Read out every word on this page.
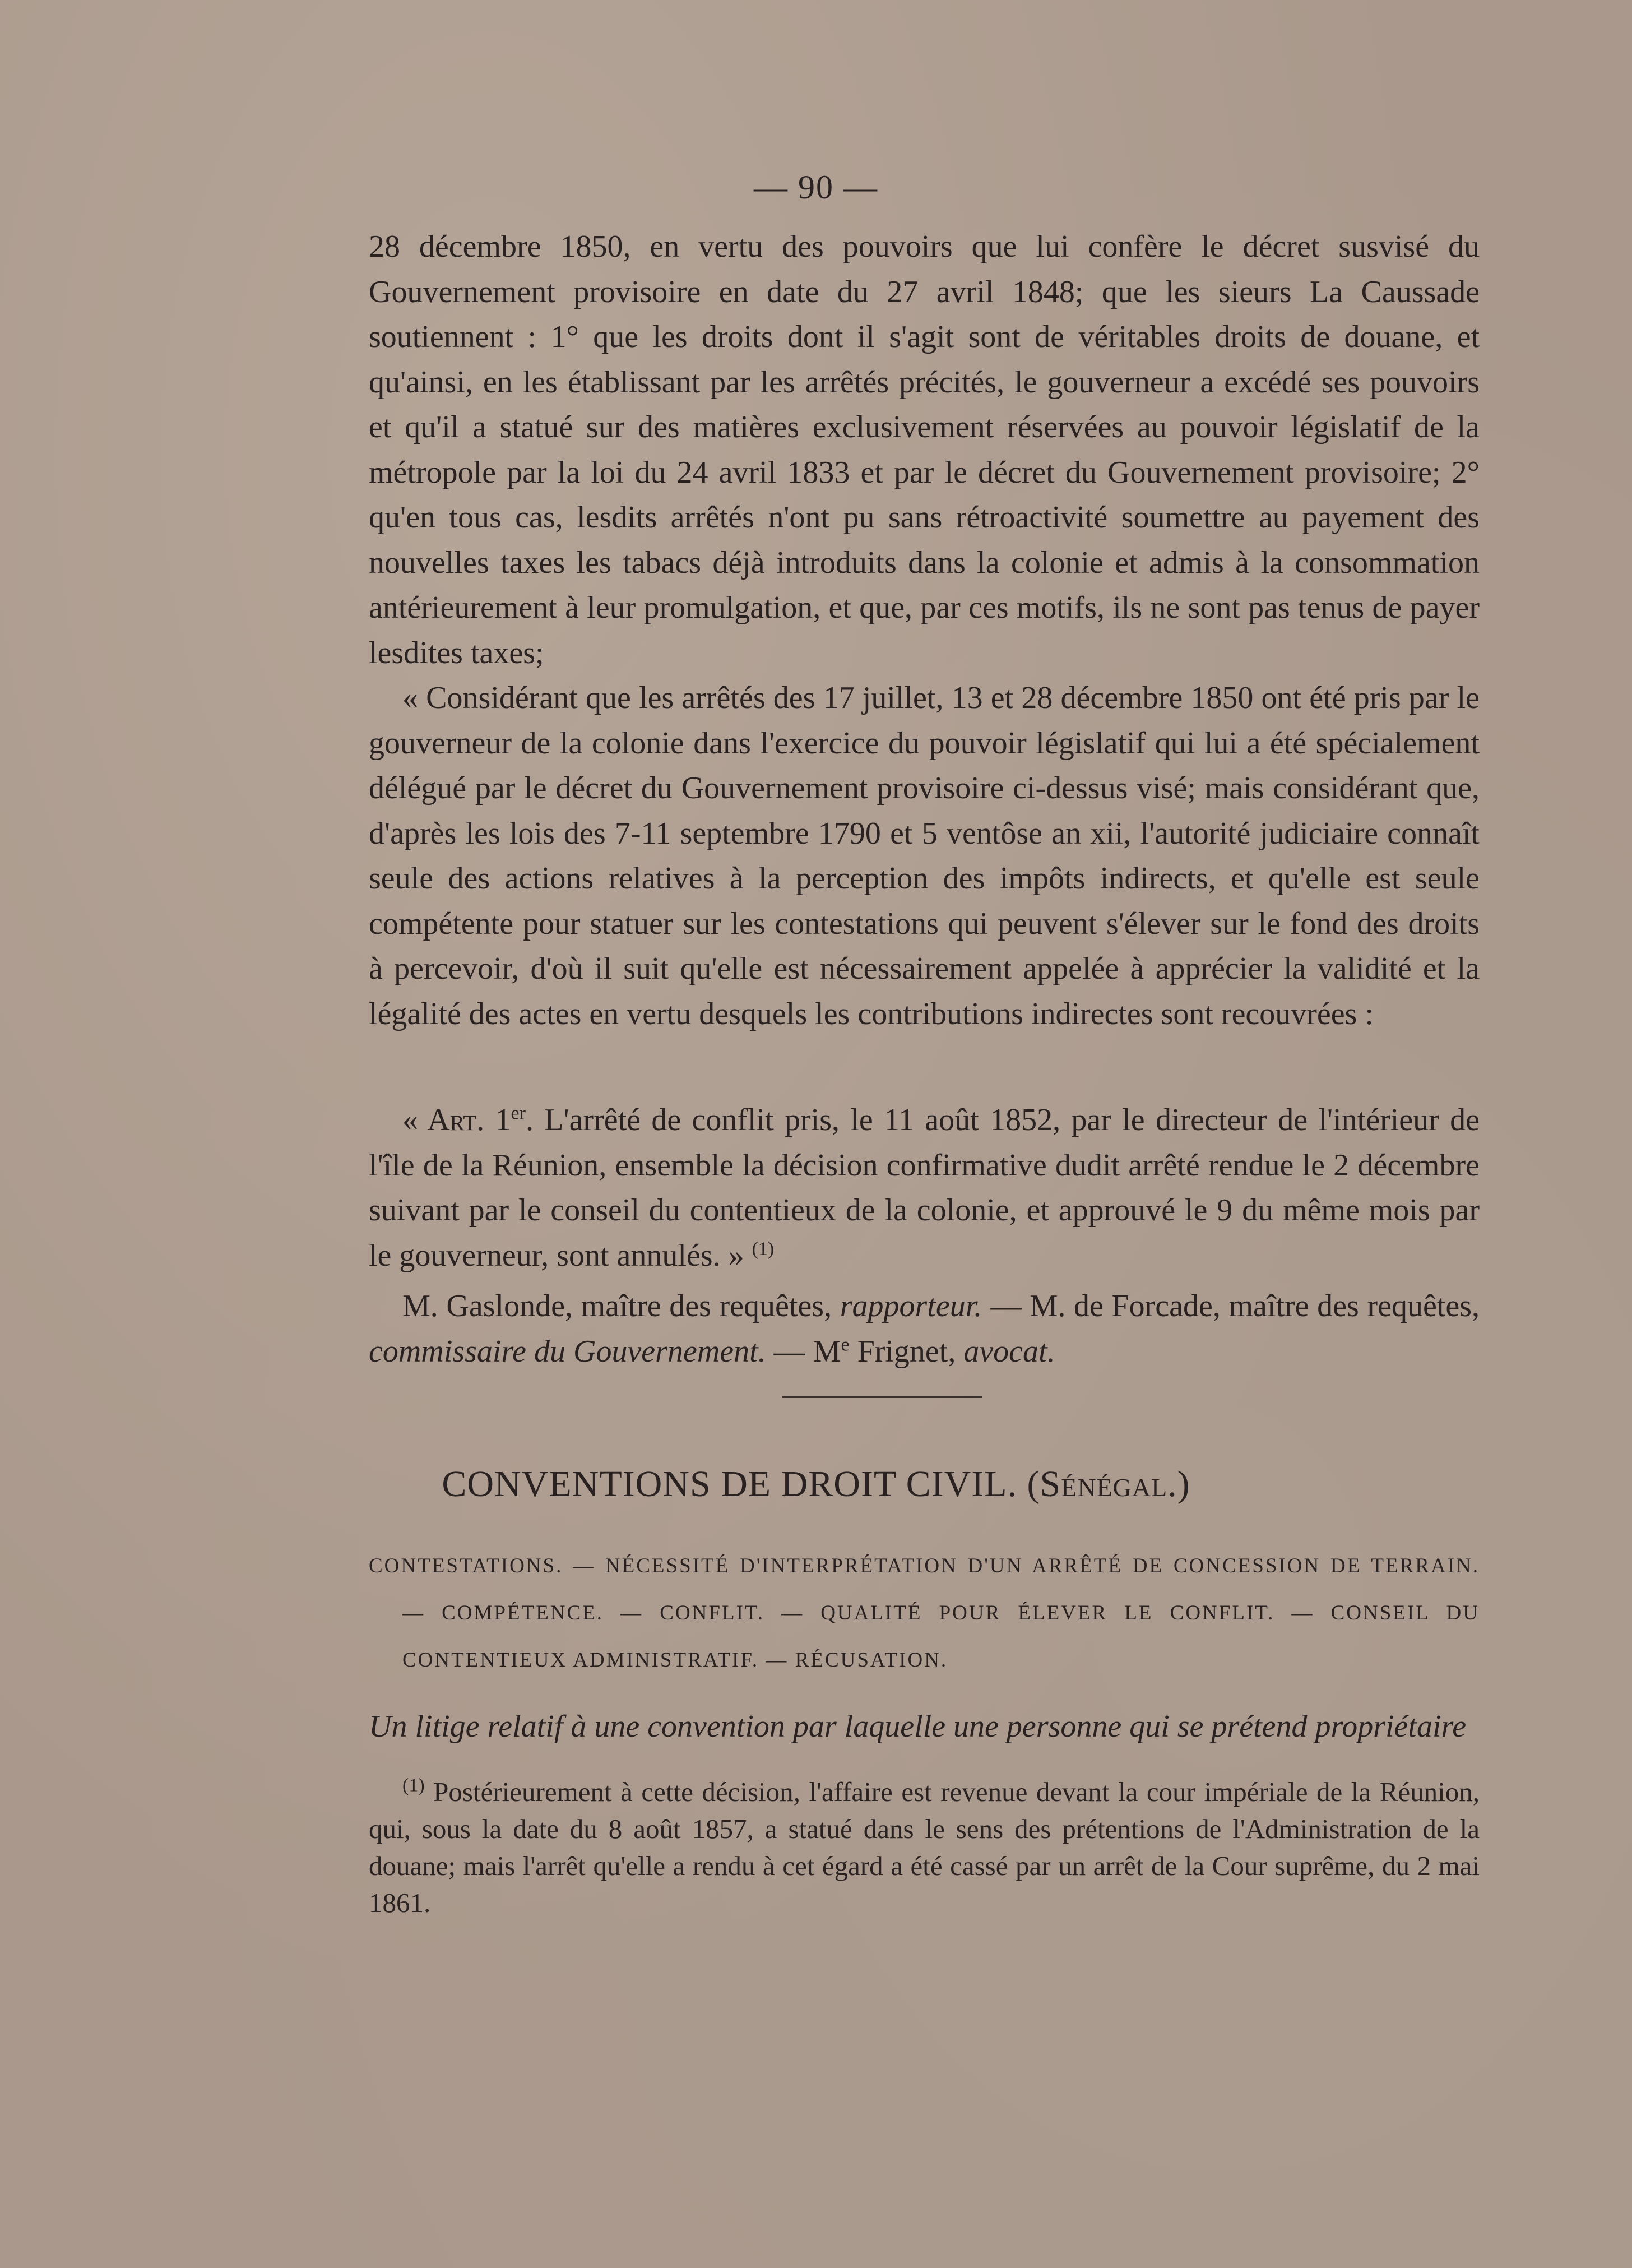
— 90 —

28 décembre 1850, en vertu des pouvoirs que lui confère le décret susvisé du Gouvernement provisoire en date du 27 avril 1848; que les sieurs La Caussade soutiennent : 1° que les droits dont il s'agit sont de véritables droits de douane, et qu'ainsi, en les établissant par les arrêtés précités, le gouverneur a excédé ses pouvoirs et qu'il a statué sur des matières exclusivement réservées au pouvoir législatif de la métropole par la loi du 24 avril 1833 et par le décret du Gouvernement provisoire; 2° qu'en tous cas, lesdits arrêtés n'ont pu sans rétroactivité soumettre au payement des nouvelles taxes les tabacs déjà introduits dans la colonie et admis à la consommation antérieurement à leur promulgation, et que, par ces motifs, ils ne sont pas tenus de payer lesdites taxes;

« Considérant que les arrêtés des 17 juillet, 13 et 28 décembre 1850 ont été pris par le gouverneur de la colonie dans l'exercice du pouvoir législatif qui lui a été spécialement délégué par le décret du Gouvernement provisoire ci-dessus visé; mais considérant que, d'après les lois des 7-11 septembre 1790 et 5 ventôse an xii, l'autorité judiciaire connaît seule des actions relatives à la perception des impôts indirects, et qu'elle est seule compétente pour statuer sur les contestations qui peuvent s'élever sur le fond des droits à percevoir, d'où il suit qu'elle est nécessairement appelée à apprécier la validité et la légalité des actes en vertu desquels les contributions indirectes sont recouvrées :

« Art. 1er. L'arrêté de conflit pris, le 11 août 1852, par le directeur de l'intérieur de l'île de la Réunion, ensemble la décision confirmative dudit arrêté rendue le 2 décembre suivant par le conseil du contentieux de la colonie, et approuvé le 9 du même mois par le gouverneur, sont annulés. » $^{(1)}$

M. Gaslonde, maître des requêtes, rapporteur. — M. de Forcade, maître des requêtes, commissaire du Gouvernement. — Me Frignet, avocat.

CONVENTIONS DE DROIT CIVIL. (Sénégal.)

CONTESTATIONS. — NÉCESSITÉ D'INTERPRÉTATION D'UN ARRÊTÉ DE CONCESSION DE TERRAIN. — COMPÉTENCE. — CONFLIT. — QUALITÉ POUR ÉLEVER LE CONFLIT. — CONSEIL DU CONTENTIEUX ADMINISTRATIF. — RÉCUSATION.

Un litige relatif à une convention par laquelle une personne qui se prétend propriétaire

$^{(1)}$ Postérieurement à cette décision, l'affaire est revenue devant la cour impériale de la Réunion, qui, sous la date du 8 août 1857, a statué dans le sens des prétentions de l'Administration de la douane; mais l'arrêt qu'elle a rendu à cet égard a été cassé par un arrêt de la Cour suprême, du 2 mai 1861.
